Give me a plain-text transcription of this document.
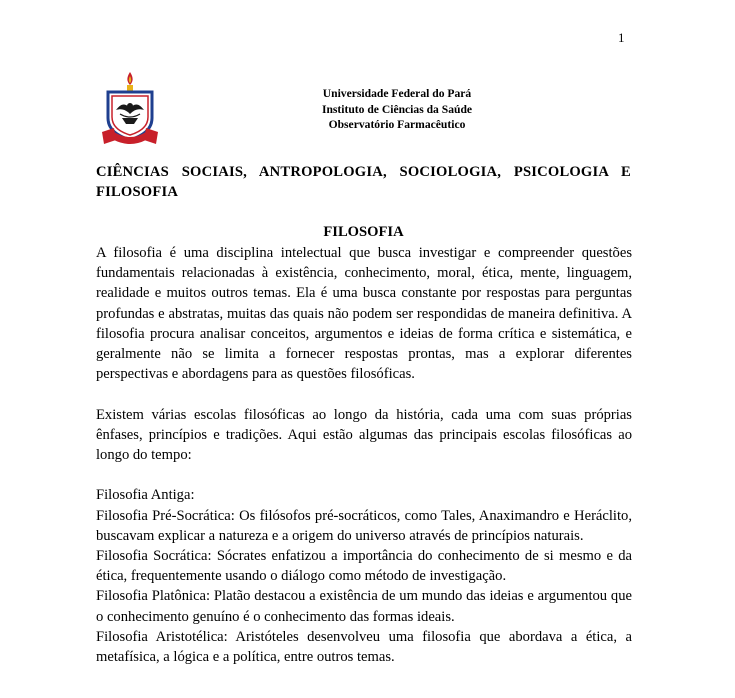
1
Universidade Federal do Pará
Instituto de Ciências da Saúde
Observatório Farmacêutico
CIÊNCIAS SOCIAIS, ANTROPOLOGIA, SOCIOLOGIA, PSICOLOGIA E FILOSOFIA
FILOSOFIA

A filosofia é uma disciplina intelectual que busca investigar e compreender questões fundamentais relacionadas à existência, conhecimento, moral, ética, mente, linguagem, realidade e muitos outros temas. Ela é uma busca constante por respostas para perguntas profundas e abstratas, muitas das quais não podem ser respondidas de maneira definitiva. A filosofia procura analisar conceitos, argumentos e ideias de forma crítica e sistemática, e geralmente não se limita a fornecer respostas prontas, mas a explorar diferentes perspectivas e abordagens para as questões filosóficas.

Existem várias escolas filosóficas ao longo da história, cada uma com suas próprias ênfases, princípios e tradições. Aqui estão algumas das principais escolas filosóficas ao longo do tempo:

Filosofia Antiga:

Filosofia Pré-Socrática: Os filósofos pré-socráticos, como Tales, Anaximandro e Heráclito, buscavam explicar a natureza e a origem do universo através de princípios naturais.

Filosofia Socrática: Sócrates enfatizou a importância do conhecimento de si mesmo e da ética, frequentemente usando o diálogo como método de investigação.

Filosofia Platônica: Platão destacou a existência de um mundo das ideias e argumentou que o conhecimento genuíno é o conhecimento das formas ideais.

Filosofia Aristotélica: Aristóteles desenvolveu uma filosofia que abordava a ética, a metafísica, a lógica e a política, entre outros temas.
